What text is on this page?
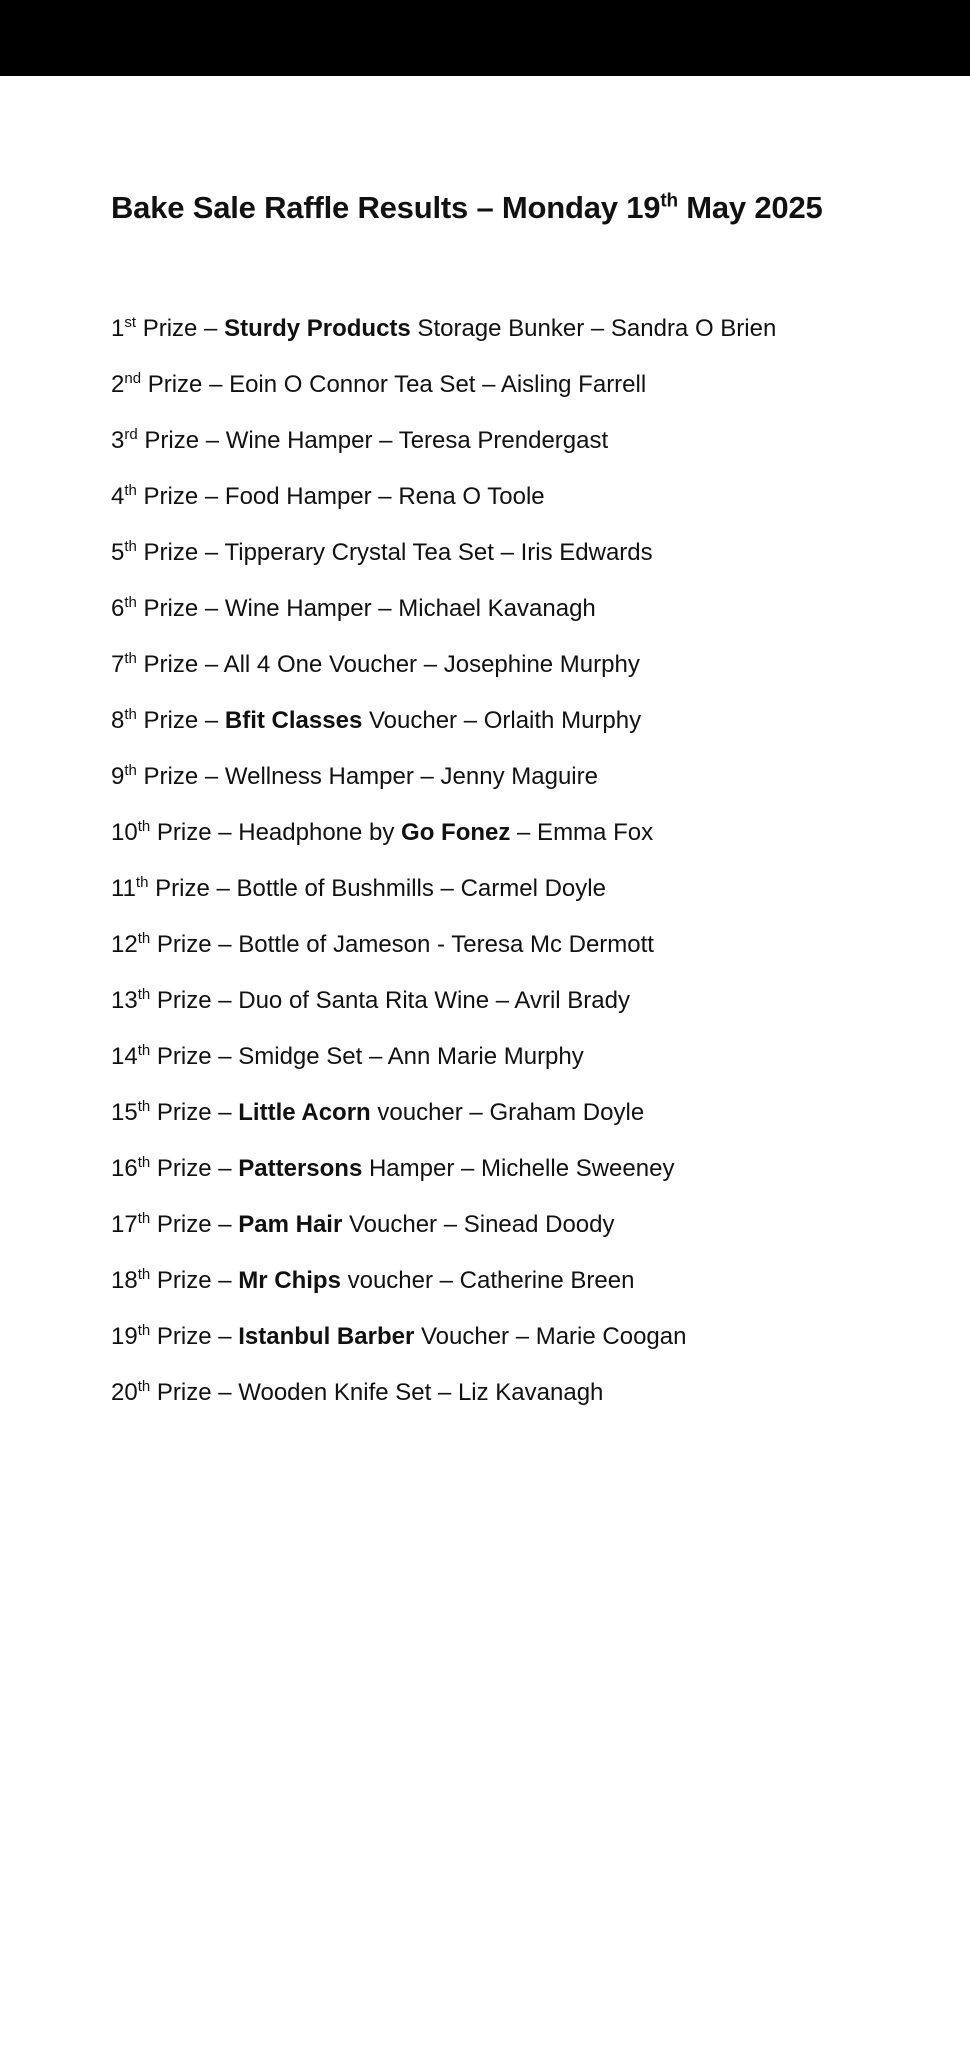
Bake Sale Raffle Results – Monday 19th May 2025
1st Prize – Sturdy Products Storage Bunker – Sandra O Brien
2nd Prize – Eoin O Connor Tea Set – Aisling Farrell
3rd Prize – Wine Hamper – Teresa Prendergast
4th Prize – Food Hamper – Rena O Toole
5th Prize – Tipperary Crystal Tea Set – Iris Edwards
6th Prize – Wine Hamper – Michael Kavanagh
7th Prize – All 4 One Voucher – Josephine Murphy
8th Prize – Bfit Classes Voucher – Orlaith Murphy
9th Prize – Wellness Hamper – Jenny Maguire
10th Prize – Headphone by Go Fonez – Emma Fox
11th Prize – Bottle of Bushmills – Carmel Doyle
12th Prize – Bottle of Jameson - Teresa Mc Dermott
13th Prize – Duo of Santa Rita Wine – Avril Brady
14th Prize – Smidge Set – Ann Marie Murphy
15th Prize – Little Acorn voucher – Graham Doyle
16th Prize – Pattersons Hamper – Michelle Sweeney
17th Prize – Pam Hair Voucher – Sinead Doody
18th Prize – Mr Chips voucher – Catherine Breen
19th Prize – Istanbul Barber Voucher – Marie Coogan
20th Prize – Wooden Knife Set – Liz Kavanagh
